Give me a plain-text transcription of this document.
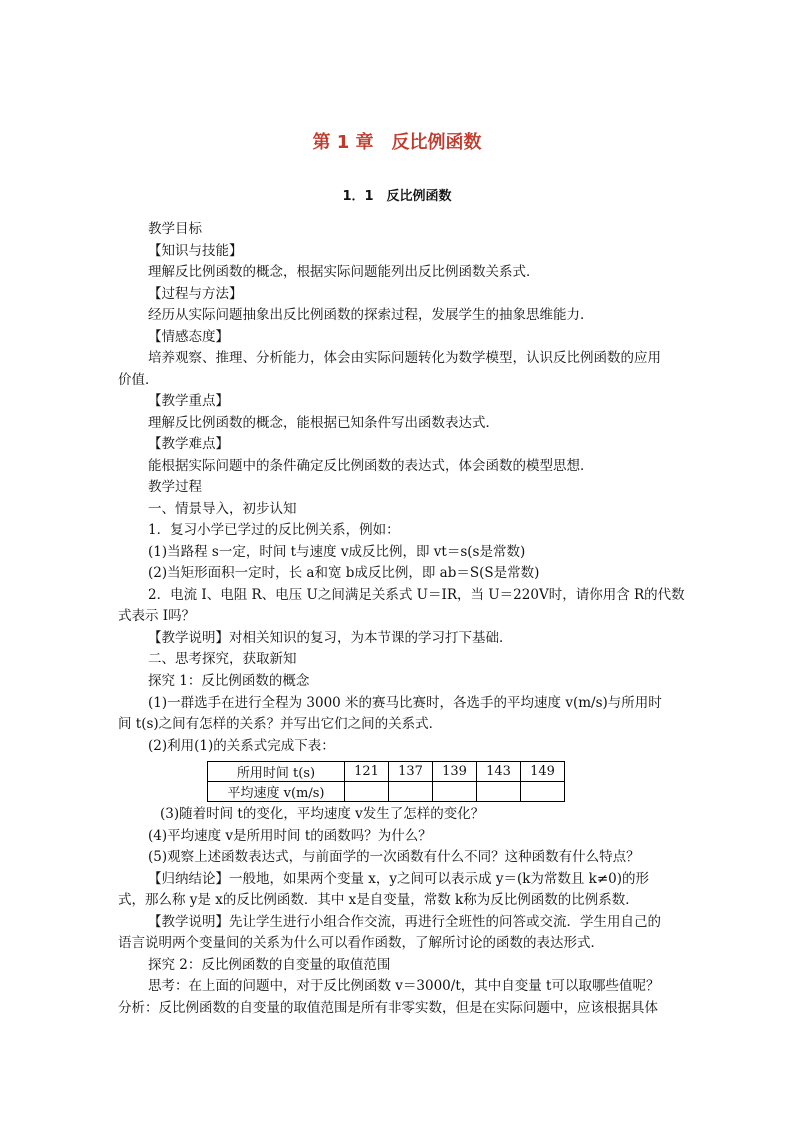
第 1 章　反比例函数
1．1　反比例函数
教学目标
【知识与技能】
理解反比例函数的概念，根据实际问题能列出反比例函数关系式．
【过程与方法】
经历从实际问题抽象出反比例函数的探索过程，发展学生的抽象思维能力．
【情感态度】
培养观察、推理、分析能力，体会由实际问题转化为数学模型，认识反比例函数的应用
价值．
【教学重点】
理解反比例函数的概念，能根据已知条件写出函数表达式．
【教学难点】
能根据实际问题中的条件确定反比例函数的表达式，体会函数的模型思想．
教学过程
一、情景导入，初步认知
1．复习小学已学过的反比例关系，例如：
(1)当路程 s一定，时间 t与速度 v成反比例，即 vt＝s(s是常数)
(2)当矩形面积一定时，长 a和宽 b成反比例，即 ab＝S(S是常数)
2．电流 I、电阻 R、电压 U之间满足关系式 U＝IR，当 U＝220V时，请你用含 R的代数
式表示 I吗？
【教学说明】对相关知识的复习，为本节课的学习打下基础．
二、思考探究，获取新知
探究 1：反比例函数的概念
(1)一群选手在进行全程为 3000 米的赛马比赛时，各选手的平均速度 v(m/s)与所用时
间 t(s)之间有怎样的关系？并写出它们之间的关系式．
(2)利用(1)的关系式完成下表：
所用时间 t(s)	121	137	139	143	149
平均速度 v(m/s)					
(3)随着时间 t的变化，平均速度 v发生了怎样的变化？
(4)平均速度 v是所用时间 t的函数吗？为什么？
(5)观察上述函数表达式，与前面学的一次函数有什么不同？这种函数有什么特点？
【归纳结论】一般地，如果两个变量 x，y之间可以表示成 y＝(k为常数且 k≠0)的形
式，那么称 y是 x的反比例函数．其中 x是自变量，常数 k称为反比例函数的比例系数．
【教学说明】先让学生进行小组合作交流，再进行全班性的问答或交流．学生用自己的
语言说明两个变量间的关系为什么可以看作函数，了解所讨论的函数的表达形式．
探究 2：反比例函数的自变量的取值范围
思考：在上面的问题中，对于反比例函数 v＝3000/t，其中自变量 t可以取哪些值呢？
分析：反比例函数的自变量的取值范围是所有非零实数，但是在实际问题中，应该根据具体
